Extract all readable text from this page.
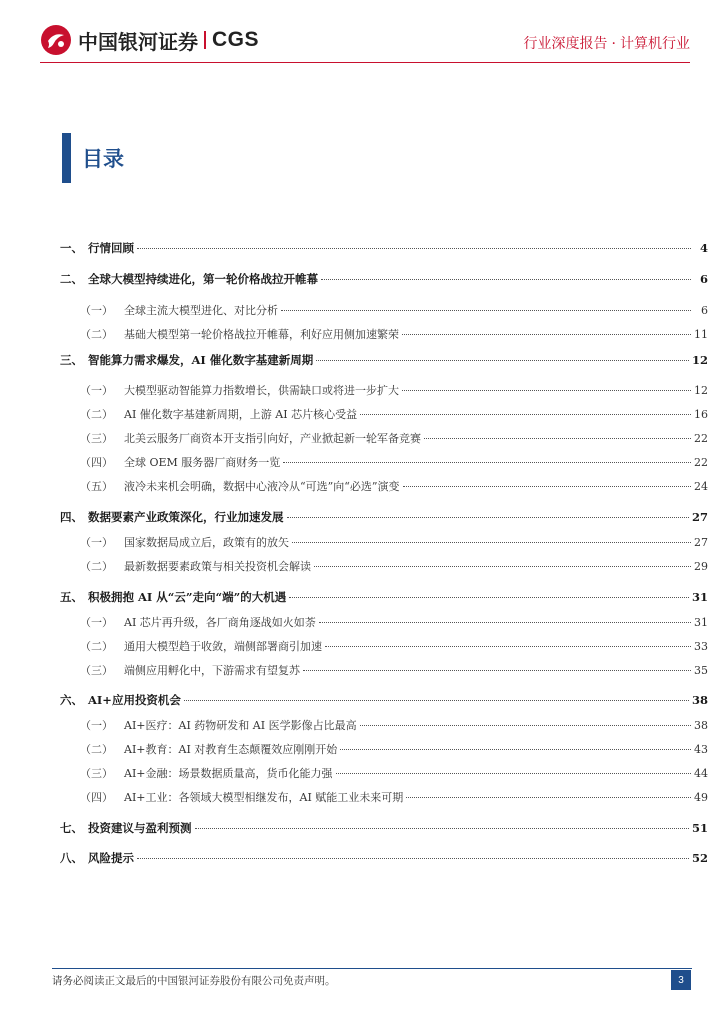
中国银河证券 CGS	行业深度报告 · 计算机行业
目录
一、 行情回顾	4
二、 全球大模型持续进化，第一轮价格战拉开帷幕	6
（一）	全球主流大模型进化、对比分析	6
（二）	基础大模型第一轮价格战拉开帷幕，利好应用侧加速繁荣	11
三、 智能算力需求爆发，AI 催化数字基建新周期	12
（一）	大模型驱动智能算力指数增长，供需缺口或将进一步扩大	12
（二）	AI 催化数字基建新周期，上游 AI 芯片核心受益	16
（三）	北美云服务厂商资本开支指引向好，产业掀起新一轮军备竞赛	22
（四）	全球 OEM 服务器厂商财务一览	22
（五）	液冷未来机会明确，数据中心液冷从“可选”向“必选”演变	24
四、 数据要素产业政策深化，行业加速发展	27
（一）	国家数据局成立后，政策有的放矢	27
（二）	最新数据要素政策与相关投资机会解读	29
五、 积极拥抱 AI 从“云”走向“端”的大机遇	31
（一）	AI 芯片再升级，各厂商角逐战如火如荼	31
（二）	通用大模型趋于收敛，端侧部署商引加速	33
（三）	端侧应用孵化中，下游需求有望复苏	35
六、 AI+应用投资机会	38
（一）	AI+医疗：AI 药物研发和 AI 医学影像占比最高	38
（二）	AI+教育：AI 对教育生态颠覆效应刚刚开始	43
（三）	AI+金融：场景数据质量高，货币化能力强	44
（四）	AI+工业：各领域大模型相继发布，AI 赋能工业未来可期	49
七、 投资建议与盈利预测	51
八、 风险提示	52
请务必阅读正文最后的中国银河证券股份有限公司免责声明。	3
